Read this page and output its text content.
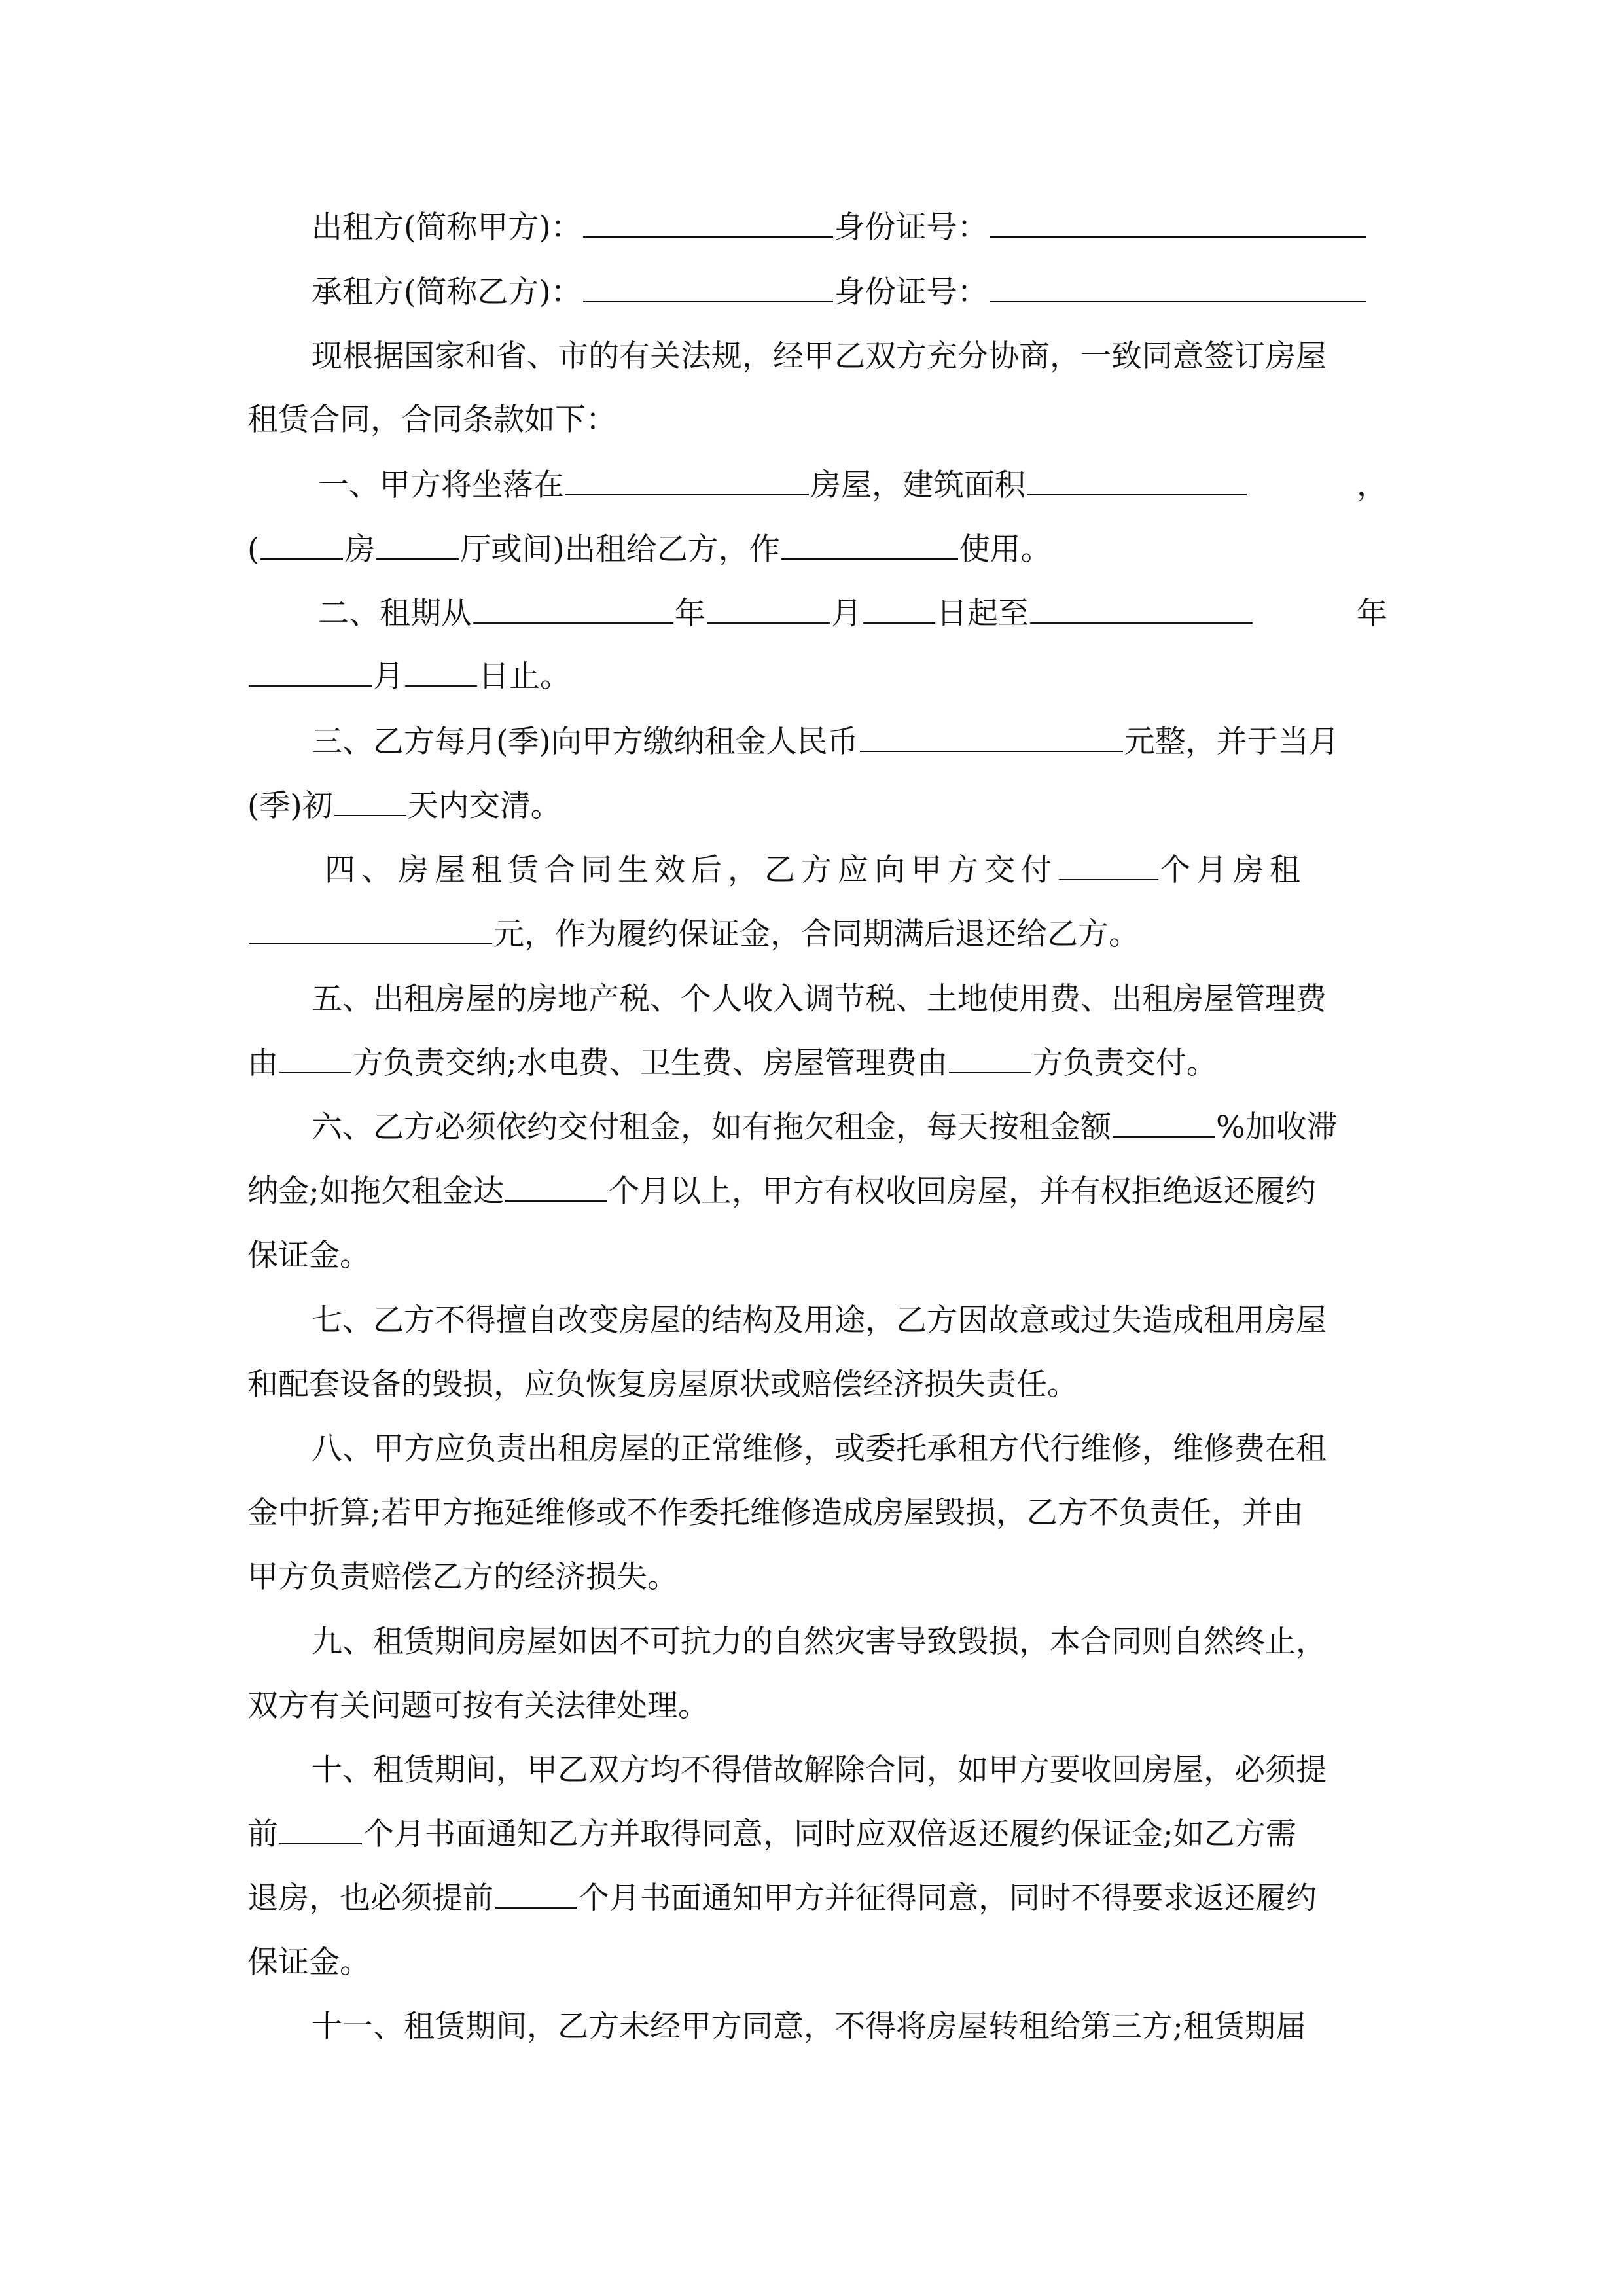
出租方(简称甲方)：	身份证号：
承租方(简称乙方)：	身份证号：
现根据国家和省、市的有关法规，经甲乙双方充分协商，一致同意签订房屋
租赁合同，合同条款如下：
一、甲方将坐落在	房屋，建筑面积	，
(	房	厅或间)出租给乙方，作	使用。
二、租期从	年	月 日起至	年
月 日止。
三、乙方每月(季)向甲方缴纳租金人民币	元整，并于当月
(季)初 天内交清。
四、房屋租赁合同生效后，乙方应向甲方交付	个月房租
元，作为履约保证金，合同期满后退还给乙方。
五、出租房屋的房地产税、个人收入调节税、土地使用费、出租房屋管理费
由 方负责交纳;水电费、卫生费、房屋管理费由	方负责交付。
六、乙方必须依约交付租金，如有拖欠租金，每天按租金额	%加收滞
纳金;如拖欠租金达	个月以上，甲方有权收回房屋，并有权拒绝返还履约
保证金。
七、乙方不得擅自改变房屋的结构及用途，乙方因故意或过失造成租用房屋
和配套设备的毁损，应负恢复房屋原状或赔偿经济损失责任。
八、甲方应负责出租房屋的正常维修，或委托承租方代行维修，维修费在租
金中折算;若甲方拖延维修或不作委托维修造成房屋毁损，乙方不负责任，并由
甲方负责赔偿乙方的经济损失。
九、租赁期间房屋如因不可抗力的自然灾害导致毁损，本合同则自然终止，
双方有关问题可按有关法律处理。
十、租赁期间，甲乙双方均不得借故解除合同，如甲方要收回房屋，必须提
前	个月书面通知乙方并取得同意，同时应双倍返还履约保证金;如乙方需
退房，也必须提前	个月书面通知甲方并征得同意，同时不得要求返还履约
保证金。
十一、租赁期间，乙方未经甲方同意，不得将房屋转租给第三方;租赁期届
